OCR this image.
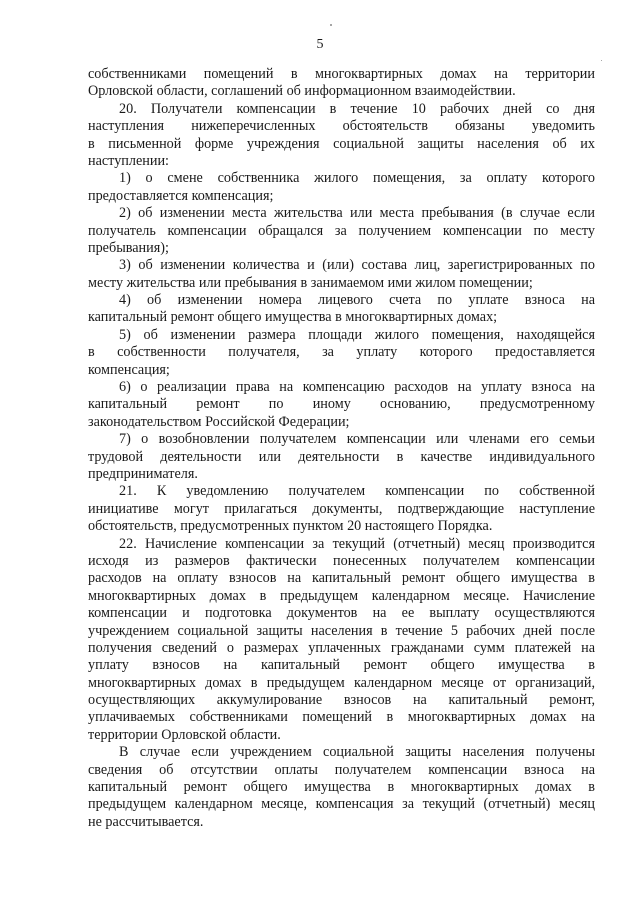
5
собственниками помещений в многоквартирных домах на территории
Орловской области, соглашений об информационном взаимодействии.
20. Получатели компенсации в течение 10 рабочих дней со дня
наступления нижеперечисленных обстоятельств обязаны уведомить
в письменной форме учреждения социальной защиты населения об их
наступлении:
1) о смене собственника жилого помещения, за оплату которого
предоставляется компенсация;
2) об изменении места жительства или места пребывания (в случае если
получатель компенсации обращался за получением компенсации по месту
пребывания);
3) об изменении количества и (или) состава лиц, зарегистрированных по
месту жительства или пребывания в занимаемом ими жилом помещении;
4) об изменении номера лицевого счета по уплате взноса на
капитальный ремонт общего имущества в многоквартирных домах;
5) об изменении размера площади жилого помещения, находящейся
в собственности получателя, за уплату которого предоставляется
компенсация;
6) о реализации права на компенсацию расходов на уплату взноса на
капитальный ремонт по иному основанию, предусмотренному
законодательством Российской Федерации;
7) о возобновлении получателем компенсации или членами его семьи
трудовой деятельности или деятельности в качестве индивидуального
предпринимателя.
21. К уведомлению получателем компенсации по собственной
инициативе могут прилагаться документы, подтверждающие наступление
обстоятельств, предусмотренных пунктом 20 настоящего Порядка.
22. Начисление компенсации за текущий (отчетный) месяц производится
исходя из размеров фактически понесенных получателем компенсации
расходов на оплату взносов на капитальный ремонт общего имущества в
многоквартирных домах в предыдущем календарном месяце. Начисление
компенсации и подготовка документов на ее выплату осуществляются
учреждением социальной защиты населения в течение 5 рабочих дней после
получения сведений о размерах уплаченных гражданами сумм платежей на
уплату взносов на капитальный ремонт общего имущества в
многоквартирных домах в предыдущем календарном месяце от организаций,
осуществляющих аккумулирование взносов на капитальный ремонт,
уплачиваемых собственниками помещений в многоквартирных домах на
территории Орловской области.
В случае если учреждением социальной защиты населения получены
сведения об отсутствии оплаты получателем компенсации взноса на
капитальный ремонт общего имущества в многоквартирных домах в
предыдущем календарном месяце, компенсация за текущий (отчетный) месяц
не рассчитывается.
